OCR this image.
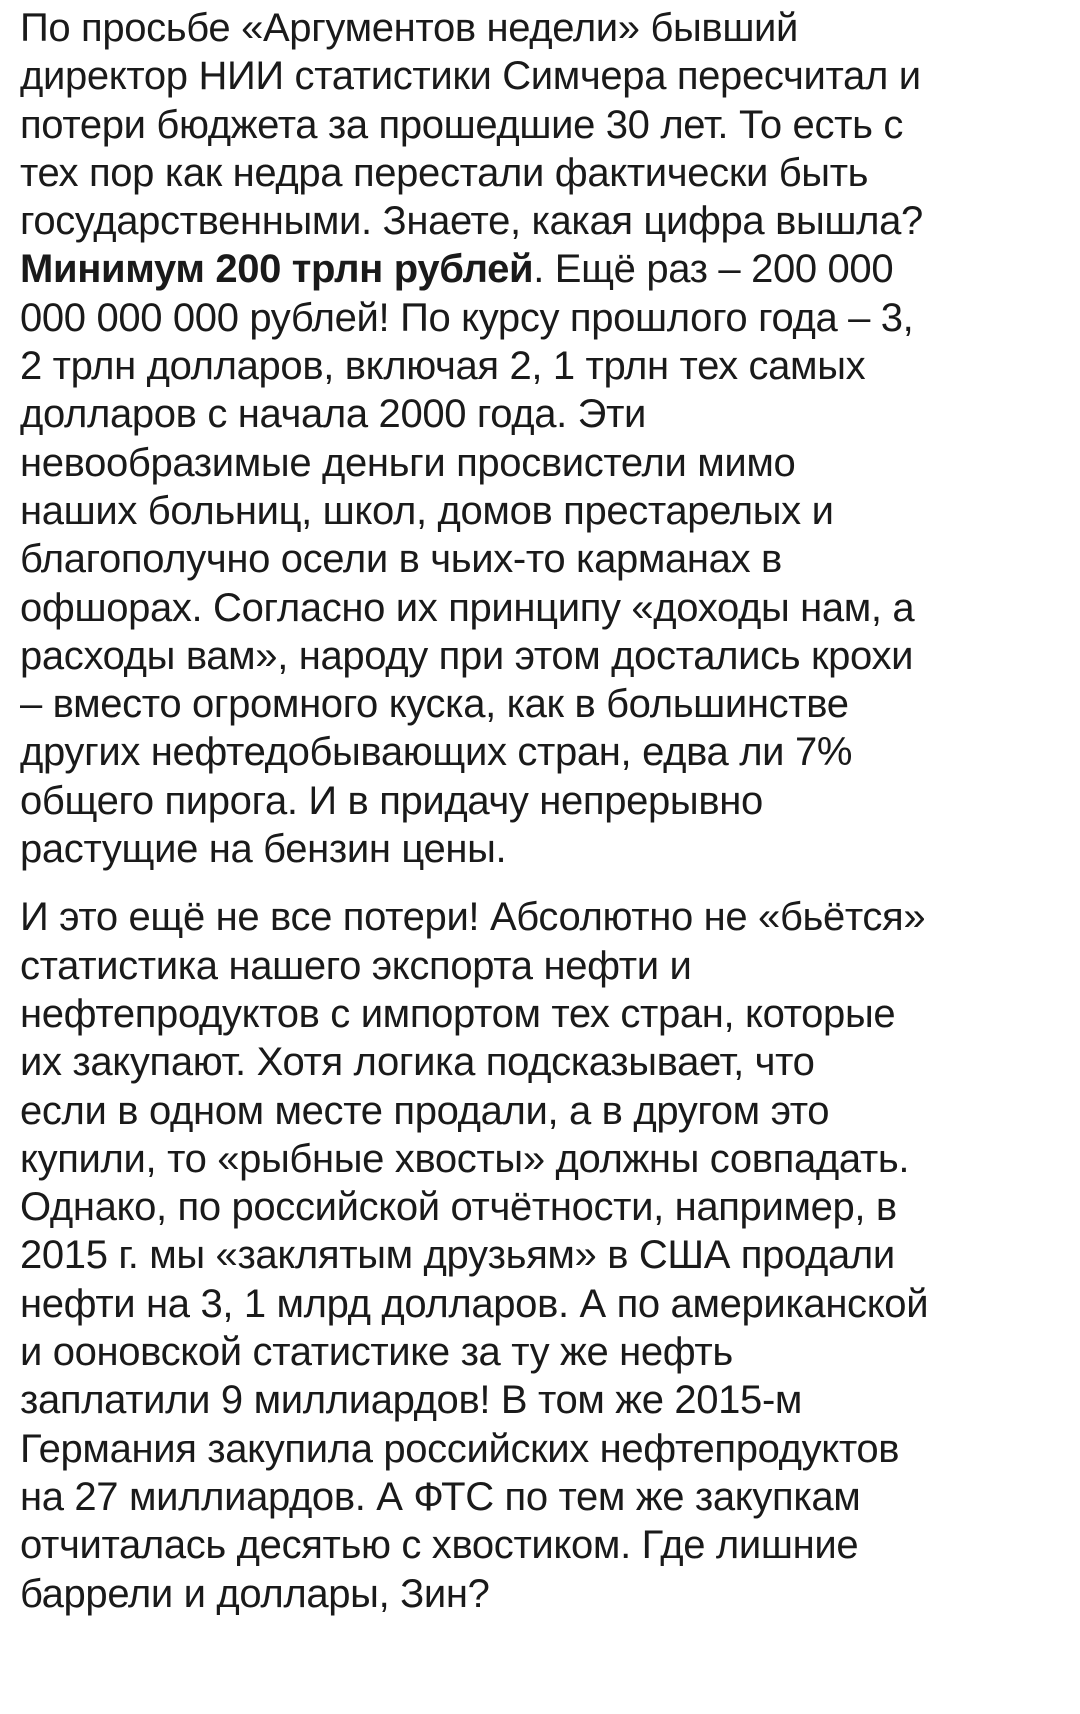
По просьбе «Аргументов недели» бывший
директор НИИ статистики Симчера пересчитал и
потери бюджета за прошедшие 30 лет. То есть с
тех пор как недра перестали фактически быть
государственными. Знаете, какая цифра вышла?
Минимум 200 трлн рублей. Ещё раз – 200 000
000 000 000 рублей! По курсу прошлого года – 3,
2 трлн долларов, включая 2, 1 трлн тех самых
долларов с начала 2000 года. Эти
невообразимые деньги просвистели мимо
наших больниц, школ, домов престарелых и
благополучно осели в чьих-то карманах в
офшорах. Согласно их принципу «доходы нам, а
расходы вам», народу при этом достались крохи
– вместо огромного куска, как в большинстве
других нефтедобывающих стран, едва ли 7%
общего пирога. И в придачу непрерывно
растущие на бензин цены.

И это ещё не все потери! Абсолютно не «бьётся»
статистика нашего экспорта нефти и
нефтепродуктов с импортом тех стран, которые
их закупают. Хотя логика подсказывает, что
если в одном месте продали, а в другом это
купили, то «рыбные хвосты» должны совпадать.
Однако, по российской отчётности, например, в
2015 г. мы «заклятым друзьям» в США продали
нефти на 3, 1 млрд долларов. А по американской
и ооновской статистике за ту же нефть
заплатили 9 миллиардов! В том же 2015-м
Германия закупила российских нефтепродуктов
на 27 миллиардов. А ФТС по тем же закупкам
отчиталась десятью с хвостиком. Где лишние
баррели и доллары, Зин?
